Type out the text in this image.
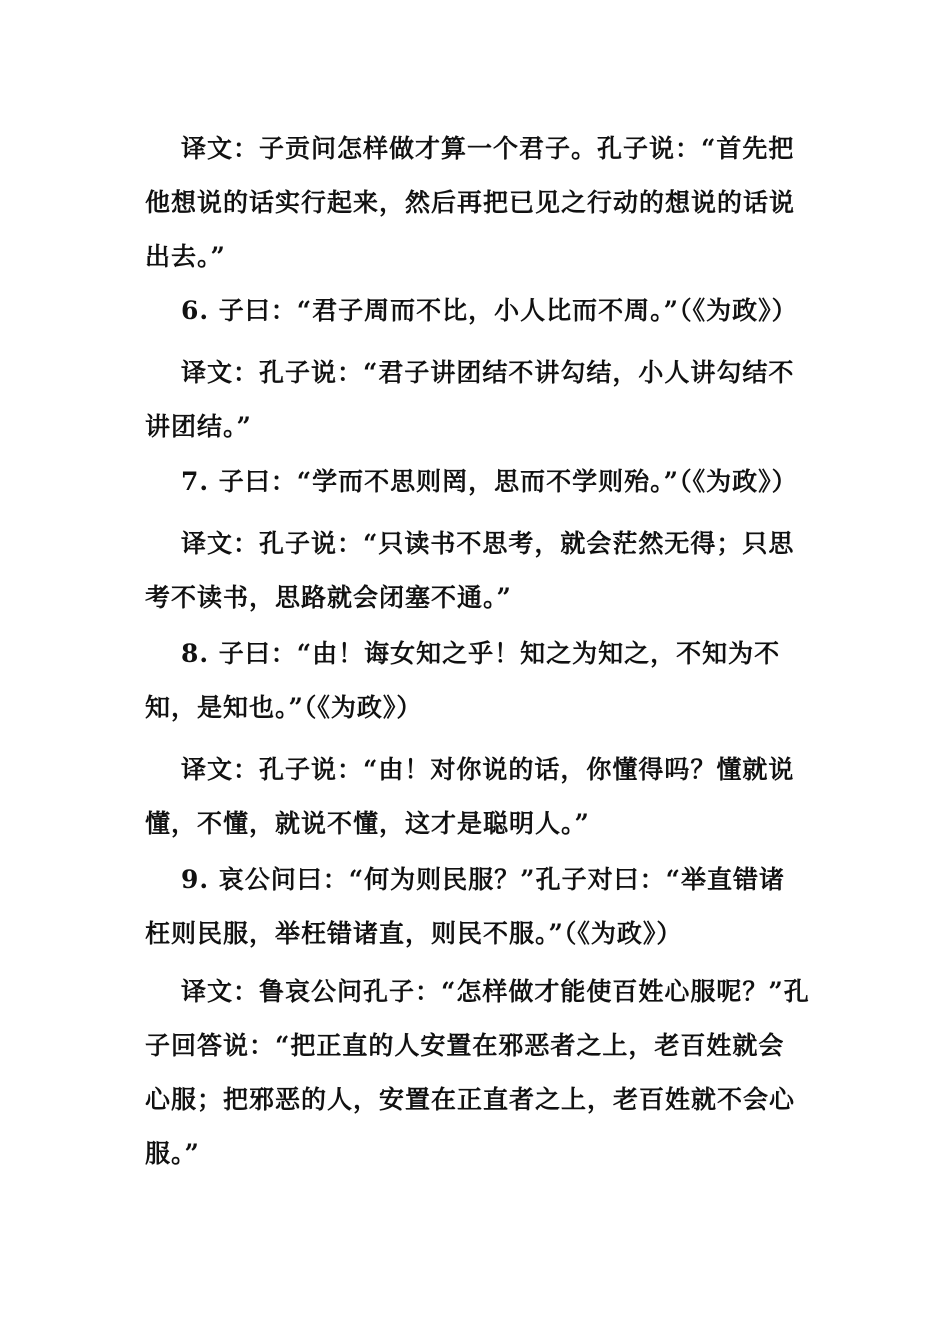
译文：子贡问怎样做才算一个君子。孔子说：“首先把他想说的话实行起来，然后再把已见之行动的想说的话说出去。”

6. 子曰：“君子周而不比，小人比而不周。”（《为政》）

译文：孔子说：“君子讲团结不讲勾结，小人讲勾结不讲团结。”

7. 子曰：“学而不思则罔，思而不学则殆。”（《为政》）

译文：孔子说：“只读书不思考，就会茫然无得；只思考不读书，思路就会闭塞不通。”

8. 子曰：“由！诲女知之乎！知之为知之，不知为不知，是知也。”（《为政》）

译文：孔子说：“由！对你说的话，你懂得吗？懂就说懂，不懂，就说不懂，这才是聪明人。”

9. 哀公问曰：“何为则民服？”孔子对曰：“举直错诸枉则民服，举枉错诸直，则民不服。”（《为政》）

译文：鲁哀公问孔子：“怎样做才能使百姓心服呢？”孔子回答说：“把正直的人安置在邪恶者之上，老百姓就会心服；把邪恶的人，安置在正直者之上，老百姓就不会心服。”
